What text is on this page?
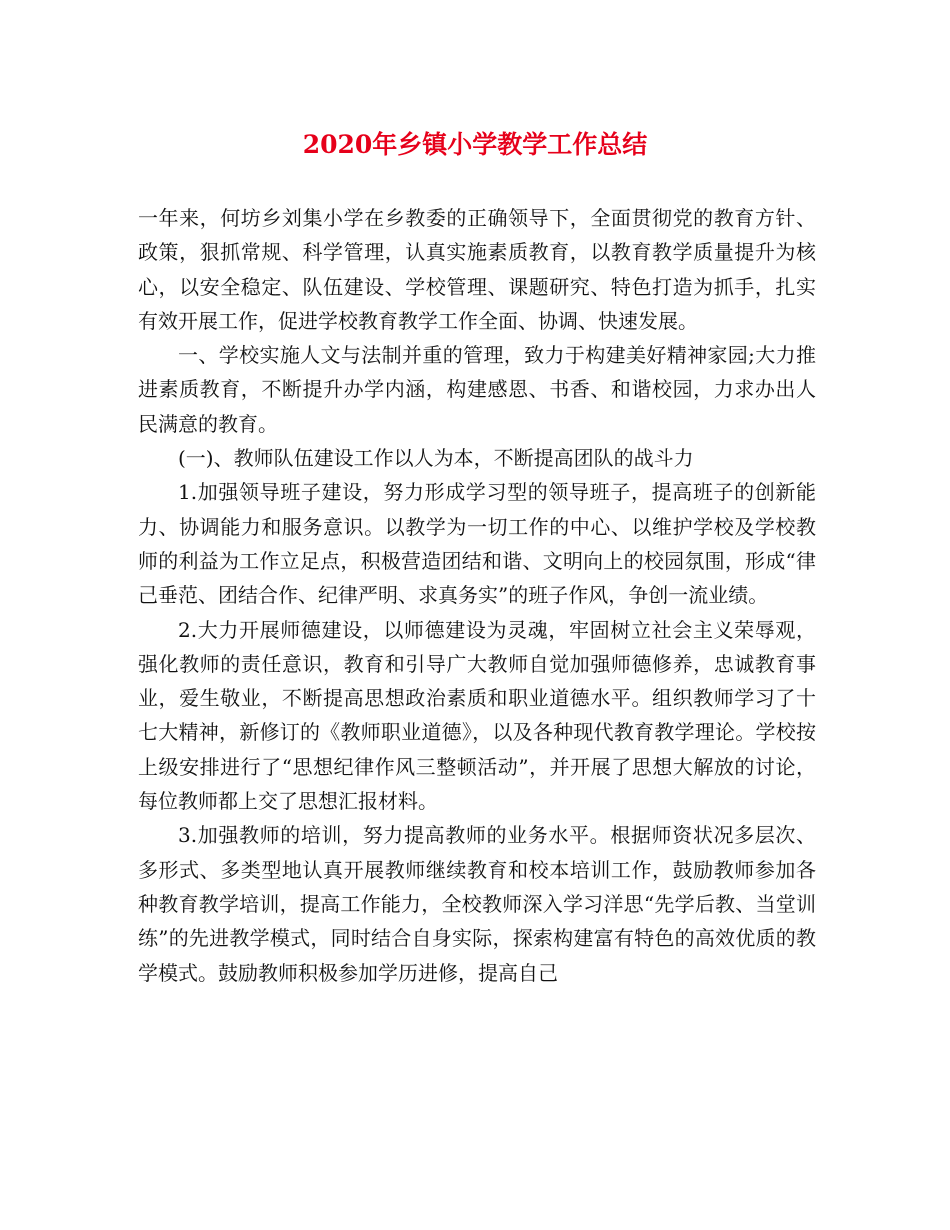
2020年乡镇小学教学工作总结

一年来，何坊乡刘集小学在乡教委的正确领导下，全面贯彻党的教育方针、政策，狠抓常规、科学管理，认真实施素质教育，以教育教学质量提升为核心，以安全稳定、队伍建设、学校管理、课题研究、特色打造为抓手，扎实有效开展工作，促进学校教育教学工作全面、协调、快速发展。

一、学校实施人文与法制并重的管理，致力于构建美好精神家园;大力推进素质教育，不断提升办学内涵，构建感恩、书香、和谐校园，力求办出人民满意的教育。

(一)、教师队伍建设工作以人为本，不断提高团队的战斗力

1.加强领导班子建设，努力形成学习型的领导班子，提高班子的创新能力、协调能力和服务意识。以教学为一切工作的中心、以维护学校及学校教师的利益为工作立足点，积极营造团结和谐、文明向上的校园氛围，形成“律己垂范、团结合作、纪律严明、求真务实”的班子作风，争创一流业绩。

2.大力开展师德建设，以师德建设为灵魂，牢固树立社会主义荣辱观，强化教师的责任意识，教育和引导广大教师自觉加强师德修养，忠诚教育事业，爱生敬业，不断提高思想政治素质和职业道德水平。组织教师学习了十七大精神，新修订的《教师职业道德》，以及各种现代教育教学理论。学校按上级安排进行了“思想纪律作风三整顿活动”，并开展了思想大解放的讨论，每位教师都上交了思想汇报材料。

3.加强教师的培训，努力提高教师的业务水平。根据师资状况多层次、多形式、多类型地认真开展教师继续教育和校本培训工作，鼓励教师参加各种教育教学培训，提高工作能力，全校教师深入学习洋思“先学后教、当堂训练”的先进教学模式，同时结合自身实际，探索构建富有特色的高效优质的教学模式。鼓励教师积极参加学历进修，提高自己
